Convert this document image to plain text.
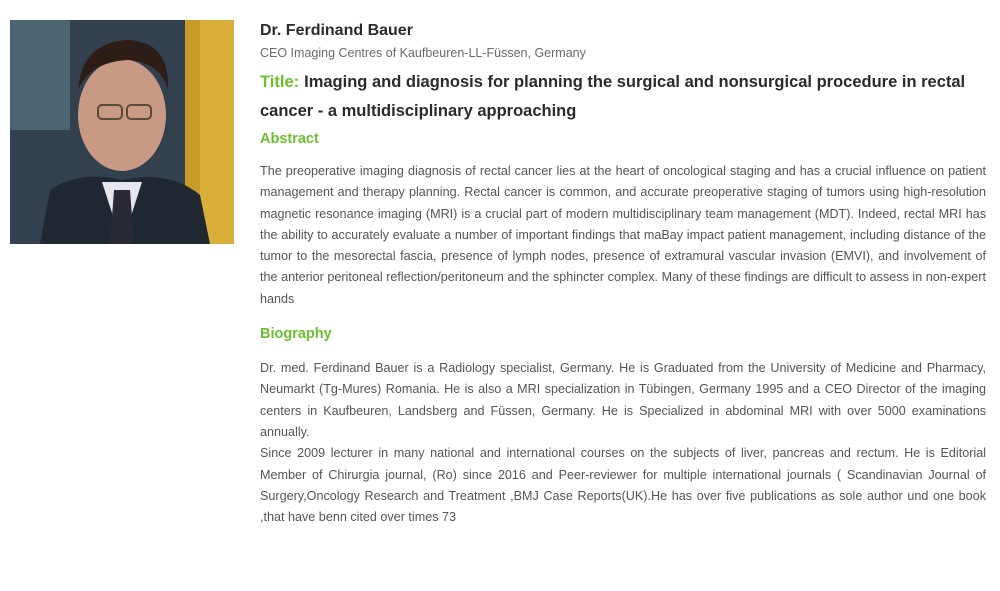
Dr. Ferdinand Bauer
CEO Imaging Centres of Kaufbeuren-LL-Füssen, Germany
Title: Imaging and diagnosis for planning the surgical and nonsurgical procedure in rectal cancer - a multidisciplinary approaching
Abstract

The preoperative imaging diagnosis of rectal cancer lies at the heart of oncological staging and has a crucial influence on patient management and therapy planning. Rectal cancer is common, and accurate preoperative staging of tumors using high-resolution magnetic resonance imaging (MRI) is a crucial part of modern multidisciplinary team management (MDT). Indeed, rectal MRI has the ability to accurately evaluate a number of important findings that maBay impact patient management, including distance of the tumor to the mesorectal fascia, presence of lymph nodes, presence of extramural vascular invasion (EMVI), and involvement of the anterior peritoneal reflection/peritoneum and the sphincter complex. Many of these findings are difficult to assess in non-expert hands

Biography

Dr. med. Ferdinand Bauer is a Radiology specialist, Germany. He is Graduated from the University of Medicine and Pharmacy, Neumarkt (Tg-Mures) Romania. He is also a MRI specialization in Tübingen, Germany 1995 and a CEO Director of the imaging centers in Kaufbeuren, Landsberg and Füssen, Germany. He is Specialized in abdominal MRI with over 5000 examinations annually.

Since 2009 lecturer in many national and international courses on the subjects of liver, pancreas and rectum. He is Editorial Member of Chirurgia journal, (Ro) since 2016 and Peer-reviewer for multiple international journals ( Scandinavian Journal of Surgery,Oncology Research and Treatment ,BMJ Case Reports(UK).He has over five publications as sole author und one book ,that have benn cited over times 73
